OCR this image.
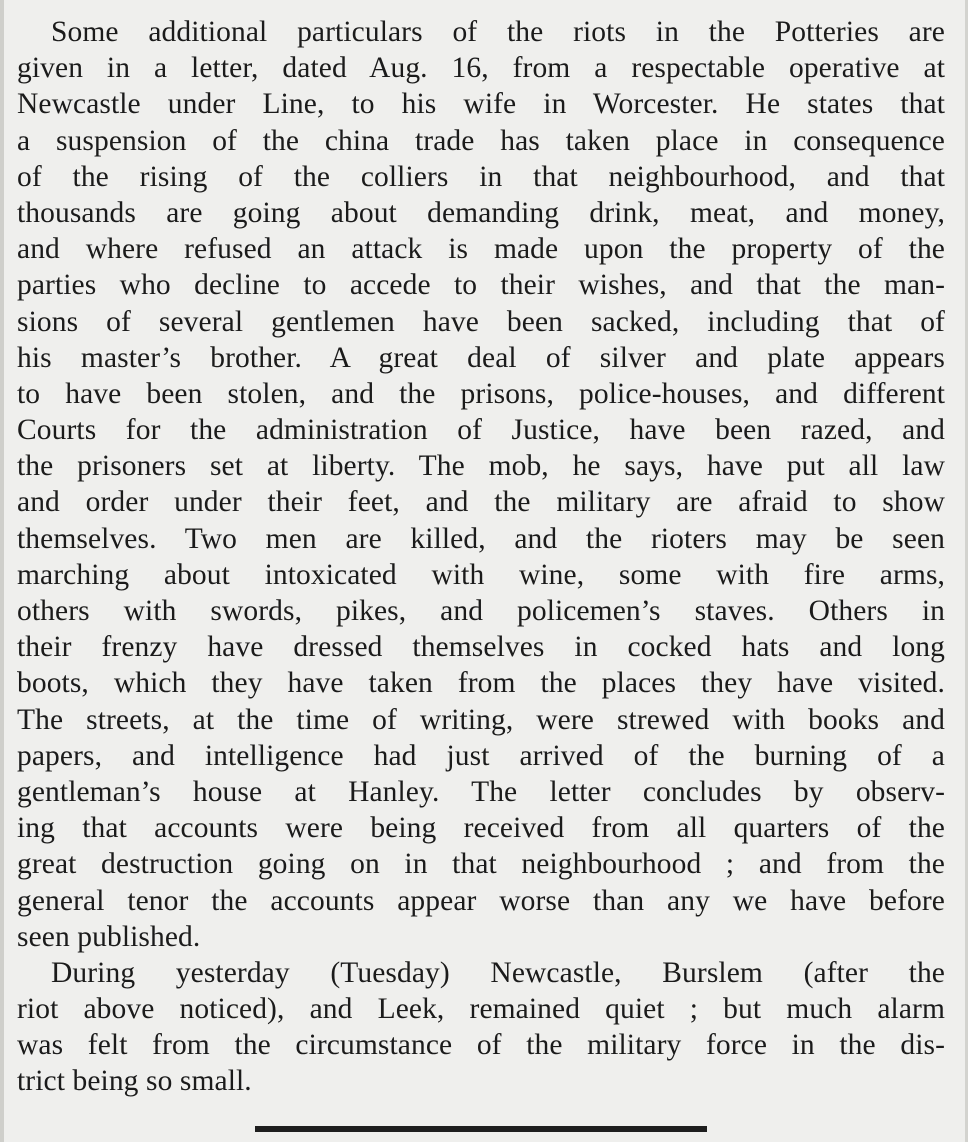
Some additional particulars of the riots in the Potteries are
given in a letter, dated Aug. 16, from a respectable operative at
Newcastle under Line, to his wife in Worcester. He states that
a suspension of the china trade has taken place in consequence
of the rising of the colliers in that neighbourhood, and that
thousands are going about demanding drink, meat, and money,
and where refused an attack is made upon the property of the
parties who decline to accede to their wishes, and that the man-
sions of several gentlemen have been sacked, including that of
his master’s brother. A great deal of silver and plate appears
to have been stolen, and the prisons, police-houses, and different
Courts for the administration of Justice, have been razed, and
the prisoners set at liberty. The mob, he says, have put all law
and order under their feet, and the military are afraid to show
themselves. Two men are killed, and the rioters may be seen
marching about intoxicated with wine, some with fire arms,
others with swords, pikes, and policemen’s staves. Others in
their frenzy have dressed themselves in cocked hats and long
boots, which they have taken from the places they have visited.
The streets, at the time of writing, were strewed with books and
papers, and intelligence had just arrived of the burning of a
gentleman’s house at Hanley. The letter concludes by observ-
ing that accounts were being received from all quarters of the
great destruction going on in that neighbourhood ; and from the
general tenor the accounts appear worse than any we have before
seen published.
During yesterday (Tuesday) Newcastle, Burslem (after the
riot above noticed), and Leek, remained quiet ; but much alarm
was felt from the circumstance of the military force in the dis-
trict being so small.
